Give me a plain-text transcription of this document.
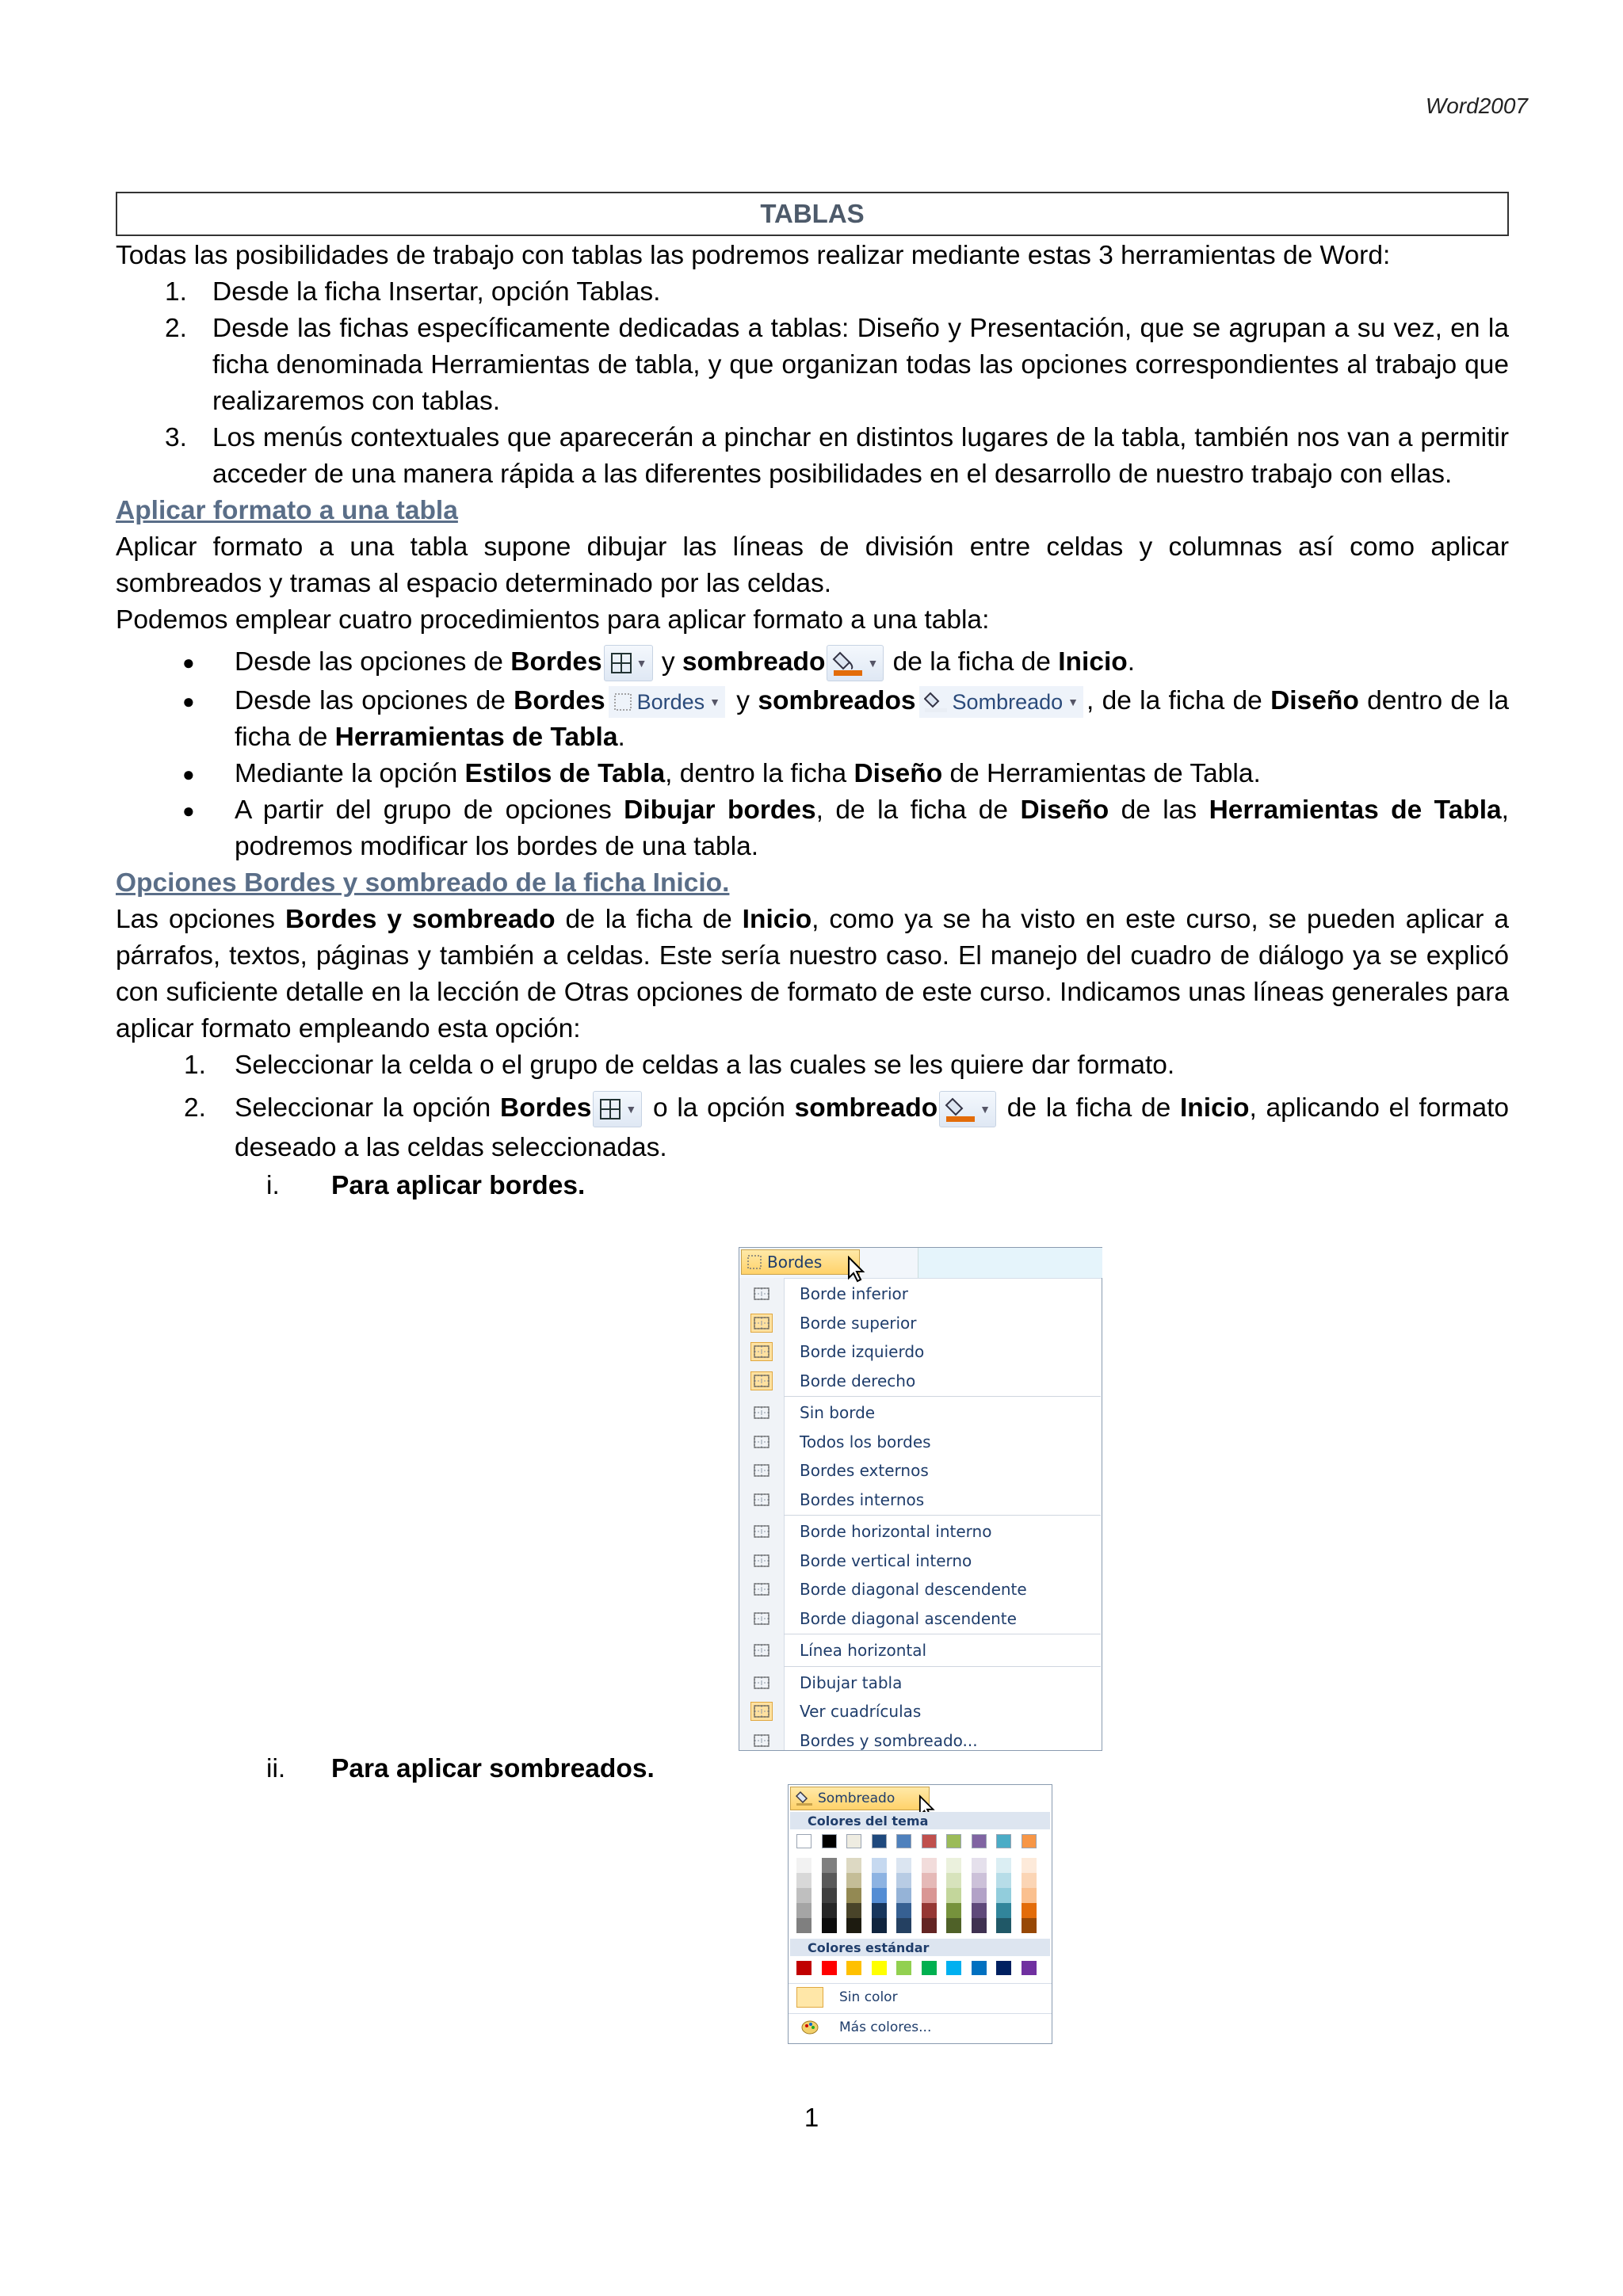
Word2007
TABLAS

Todas las posibilidades de trabajo con tablas las podremos realizar mediante estas 3 herramientas de Word:

1. Desde la ficha Insertar, opción Tablas.
2. Desde las fichas específicamente dedicadas a tablas: Diseño y Presentación, que se agrupan a su vez, en la ficha denominada Herramientas de tabla, y que organizan todas las opciones correspondientes al trabajo que realizaremos con tablas.
3. Los menús contextuales que aparecerán a pinchar en distintos lugares de la tabla, también nos van a permitir acceder de una manera rápida a las diferentes posibilidades en el desarrollo de nuestro trabajo con ellas.
Aplicar formato a una tabla

Aplicar formato a una tabla supone dibujar las líneas de división entre celdas y columnas así como aplicar sombreados y tramas al espacio determinado por las celdas.

Podemos emplear cuatro procedimientos para aplicar formato a una tabla:

● Desde las opciones de Bordes	▼ y sombreado	▼ de la ficha de Inicio.
● Desde las opciones de Bordes Bordes ▼ y sombreados Sombreado ▼ , de la ficha de Diseño dentro de la ficha de Herramientas de Tabla.
● Mediante la opción Estilos de Tabla, dentro la ficha Diseño de Herramientas de Tabla.
● A partir del grupo de opciones Dibujar bordes, de la ficha de Diseño de las Herramientas de Tabla, podremos modificar los bordes de una tabla.
Opciones Bordes y sombreado de la ficha Inicio.

Las opciones Bordes y sombreado de la ficha de Inicio, como ya se ha visto en este curso, se pueden aplicar a párrafos, textos, páginas y también a celdas. Este sería nuestro caso. El manejo del cuadro de diálogo ya se explicó con suficiente detalle en la lección de Otras opciones de formato de este curso. Indicamos unas líneas generales para aplicar formato empleando esta opción:

1. Seleccionar la celda o el grupo de celdas a las cuales se les quiere dar formato.
2. Seleccionar la opción Bordes	▼ o la opción sombreado	▼ de la ficha de Inicio, aplicando el formato deseado a las celdas seleccionadas.
i. Para aplicar bordes.
ii. Para aplicar sombreados.
Bordes
Borde inferior
Borde superior
Borde izquierdo
Borde derecho
Sin borde
Todos los bordes
Bordes externos
Bordes internos
Borde horizontal interno
Borde vertical interno
Borde diagonal descendente
Borde diagonal ascendente
Línea horizontal
Dibujar tabla
Ver cuadrículas
Bordes y sombreado...
Sombreado
Colores del tema
Colores estándar
Sin color
Más colores...
1
